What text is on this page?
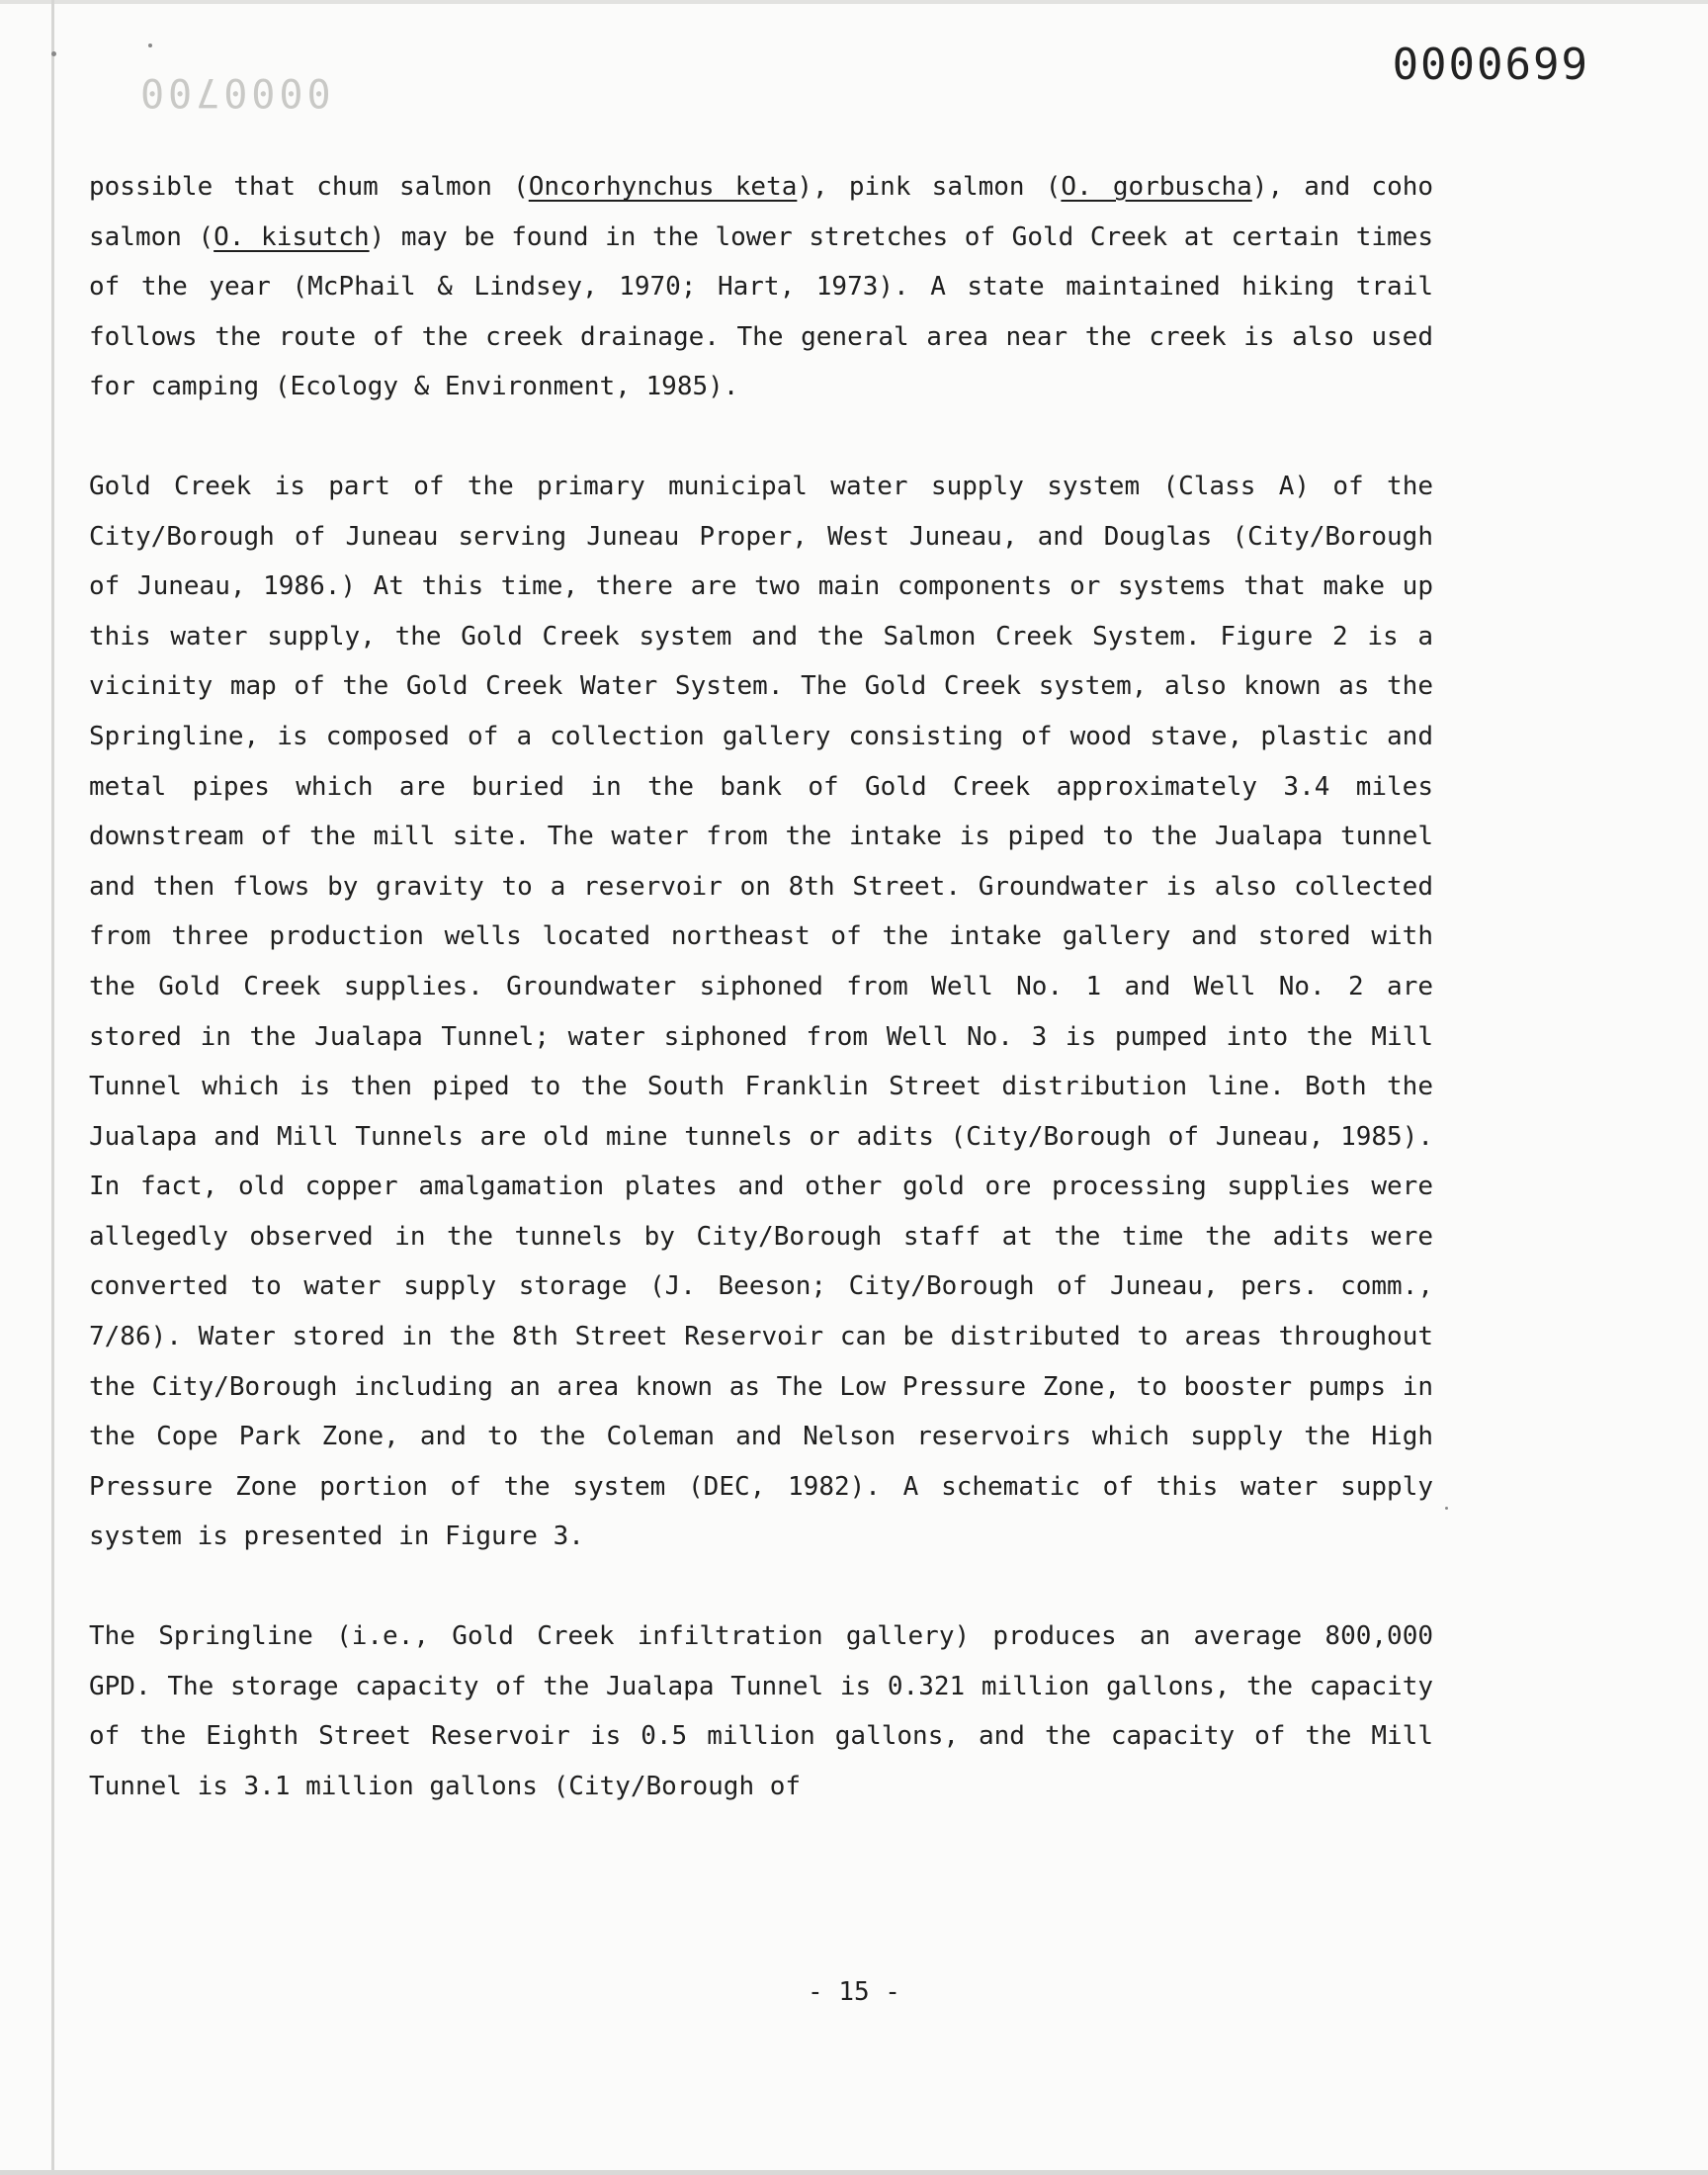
0000700
0000699

possible that chum salmon (Oncorhynchus keta), pink salmon (O. gorbuscha), and coho salmon (O. kisutch) may be found in the lower stretches of Gold Creek at certain times of the year (McPhail & Lindsey, 1970; Hart, 1973). A state maintained hiking trail follows the route of the creek drainage. The general area near the creek is also used for camping (Ecology & Environment, 1985).

Gold Creek is part of the primary municipal water supply system (Class A) of the City/Borough of Juneau serving Juneau Proper, West Juneau, and Douglas (City/Borough of Juneau, 1986.) At this time, there are two main components or systems that make up this water supply, the Gold Creek system and the Salmon Creek System. Figure 2 is a vicinity map of the Gold Creek Water System. The Gold Creek system, also known as the Springline, is composed of a collection gallery consisting of wood stave, plastic and metal pipes which are buried in the bank of Gold Creek approximately 3.4 miles downstream of the mill site. The water from the intake is piped to the Jualapa tunnel and then flows by gravity to a reservoir on 8th Street. Groundwater is also collected from three production wells located northeast of the intake gallery and stored with the Gold Creek supplies. Groundwater siphoned from Well No. 1 and Well No. 2 are stored in the Jualapa Tunnel; water siphoned from Well No. 3 is pumped into the Mill Tunnel which is then piped to the South Franklin Street distribution line. Both the Jualapa and Mill Tunnels are old mine tunnels or adits (City/Borough of Juneau, 1985). In fact, old copper amalgamation plates and other gold ore processing supplies were allegedly observed in the tunnels by City/Borough staff at the time the adits were converted to water supply storage (J. Beeson; City/Borough of Juneau, pers. comm., 7/86). Water stored in the 8th Street Reservoir can be distributed to areas throughout the City/Borough including an area known as The Low Pressure Zone, to booster pumps in the Cope Park Zone, and to the Coleman and Nelson reservoirs which supply the High Pressure Zone portion of the system (DEC, 1982). A schematic of this water supply system is presented in Figure 3.

The Springline (i.e., Gold Creek infiltration gallery) produces an average 800,000 GPD. The storage capacity of the Jualapa Tunnel is 0.321 million gallons, the capacity of the Eighth Street Reservoir is 0.5 million gallons, and the capacity of the Mill Tunnel is 3.1 million gallons (City/Borough of

- 15 -
